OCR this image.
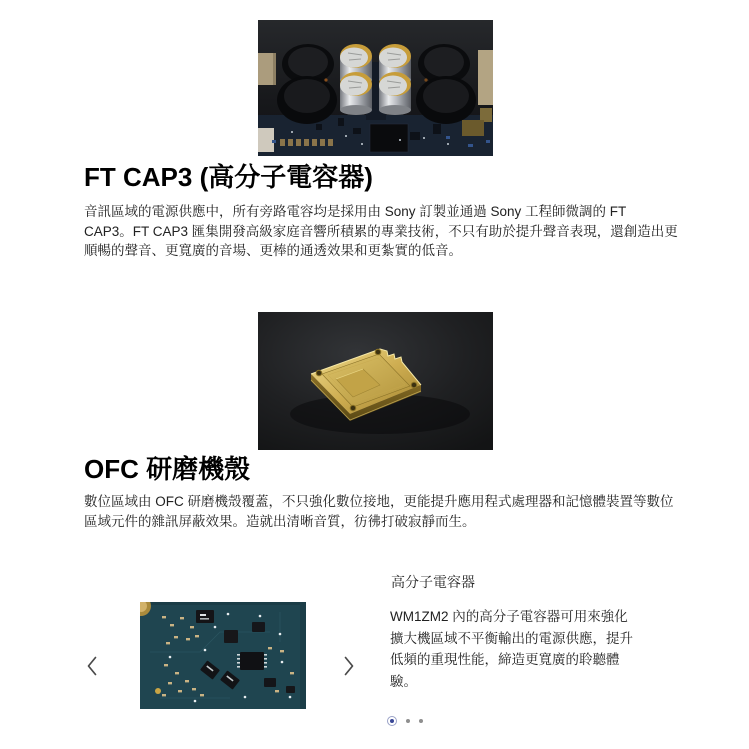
FT CAP3 (高分子電容器)

音訊區域的電源供應中，所有旁路電容均是採用由 Sony 訂製並通過 Sony 工程師微調的 FT CAP3。FT CAP3 匯集開發高級家庭音響所積累的專業技術，不只有助於提升聲音表現，還創造出更順暢的聲音、更寬廣的音場、更棒的通透效果和更紮實的低音。

OFC 研磨機殼

數位區域由 OFC 研磨機殼覆蓋，不只強化數位接地，更能提升應用程式處理器和記憶體裝置等數位區域元件的雜訊屏蔽效果。造就出清晰音質，彷彿打破寂靜而生。

高分子電容器

WM1ZM2 內的高分子電容器可用來強化擴大機區域不平衡輸出的電源供應，提升低頻的重現性能，締造更寬廣的聆聽體驗。
